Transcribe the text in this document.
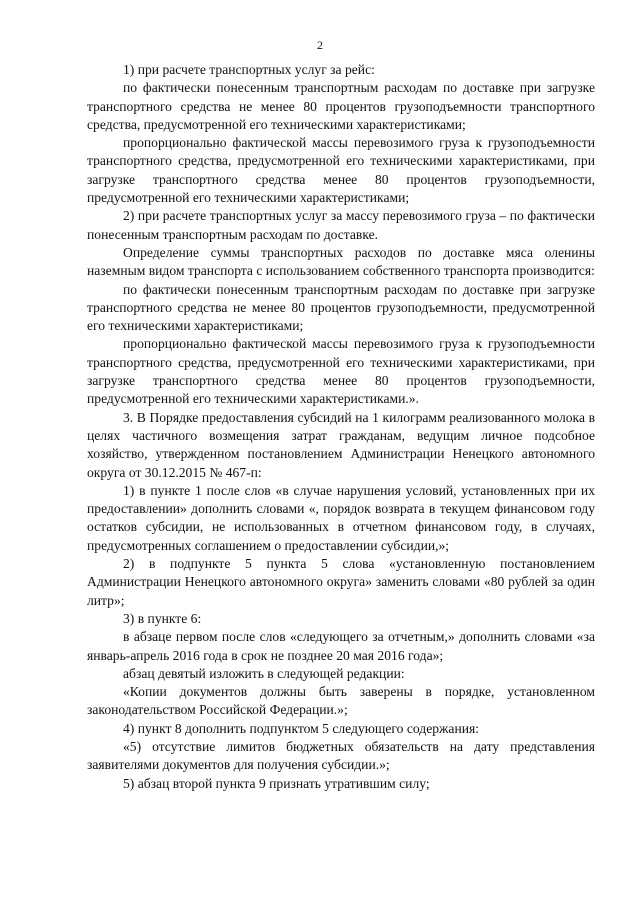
2

1) при расчете транспортных услуг за рейс:

по фактически понесенным транспортным расходам по доставке при загрузке транспортного средства не менее 80 процентов грузоподъемности транспортного средства, предусмотренной его техническими характеристиками;

пропорционально фактической массы перевозимого груза к грузоподъемности транспортного средства, предусмотренной его техническими характеристиками, при загрузке транспортного средства менее 80 процентов грузоподъемности, предусмотренной его техническими характеристиками;

2) при расчете транспортных услуг за массу перевозимого груза – по фактически понесенным транспортным расходам по доставке.

Определение суммы транспортных расходов по доставке мяса оленины наземным видом транспорта с использованием собственного транспорта производится:

по фактически понесенным транспортным расходам по доставке при загрузке транспортного средства не менее 80 процентов грузоподъемности, предусмотренной его техническими характеристиками;

пропорционально фактической массы перевозимого груза к грузоподъемности транспортного средства, предусмотренной его техническими характеристиками, при загрузке транспортного средства менее 80 процентов грузоподъемности, предусмотренной его техническими характеристиками.».

3. В Порядке предоставления субсидий на 1 килограмм реализованного молока в целях частичного возмещения затрат гражданам, ведущим личное подсобное хозяйство, утвержденном постановлением Администрации Ненецкого автономного округа от 30.12.2015 № 467-п:

1) в пункте 1 после слов «в случае нарушения условий, установленных при их предоставлении» дополнить словами «, порядок возврата в текущем финансовом году остатков субсидии, не использованных в отчетном финансовом году, в случаях, предусмотренных соглашением о предоставлении субсидии,»;

2) в подпункте 5 пункта 5 слова «установленную постановлением Администрации Ненецкого автономного округа» заменить словами «80 рублей за один литр»;

3) в пункте 6:

в абзаце первом после слов «следующего за отчетным,» дополнить словами «за январь-апрель 2016 года в срок не позднее 20 мая 2016 года»;

абзац девятый изложить в следующей редакции:

«Копии документов должны быть заверены в порядке, установленном законодательством Российской Федерации.»;

4) пункт 8 дополнить подпунктом 5 следующего содержания:

«5) отсутствие лимитов бюджетных обязательств на дату представления заявителями документов для получения субсидии.»;

5) абзац второй пункта 9 признать утратившим силу;
